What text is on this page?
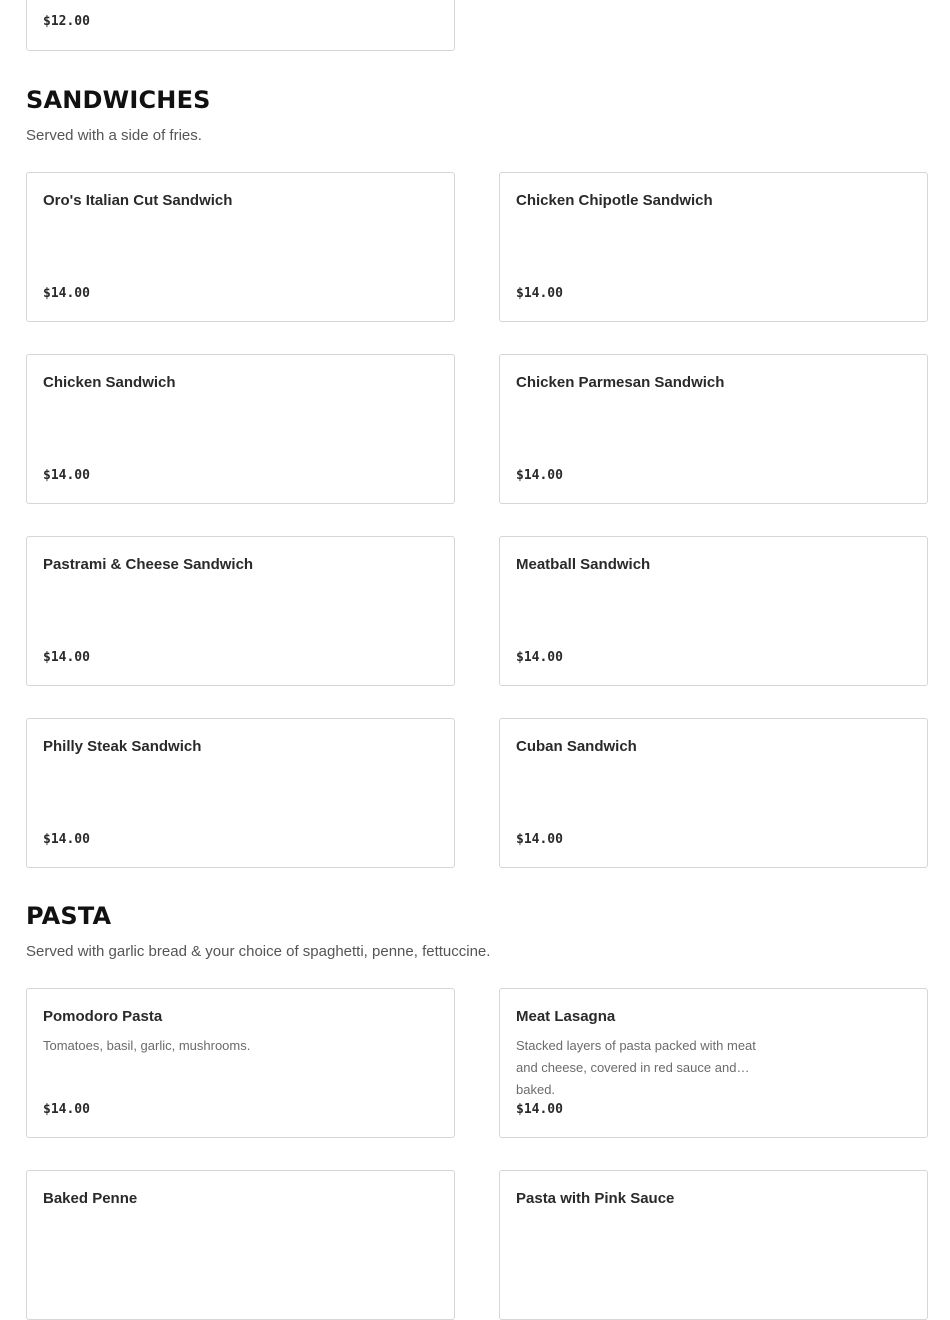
$12.00
SANDWICHES
Served with a side of fries.
Oro's Italian Cut Sandwich
$14.00
Chicken Chipotle Sandwich
$14.00
Chicken Sandwich
$14.00
Chicken Parmesan Sandwich
$14.00
Pastrami & Cheese Sandwich
$14.00
Meatball Sandwich
$14.00
Philly Steak Sandwich
$14.00
Cuban Sandwich
$14.00
PASTA
Served with garlic bread & your choice of spaghetti, penne, fettuccine.
Pomodoro Pasta
Tomatoes, basil, garlic, mushrooms.
$14.00
Meat Lasagna
Stacked layers of pasta packed with meat and cheese, covered in red sauce and baked.
$14.00
Baked Penne	Pasta with Pink Sauce
